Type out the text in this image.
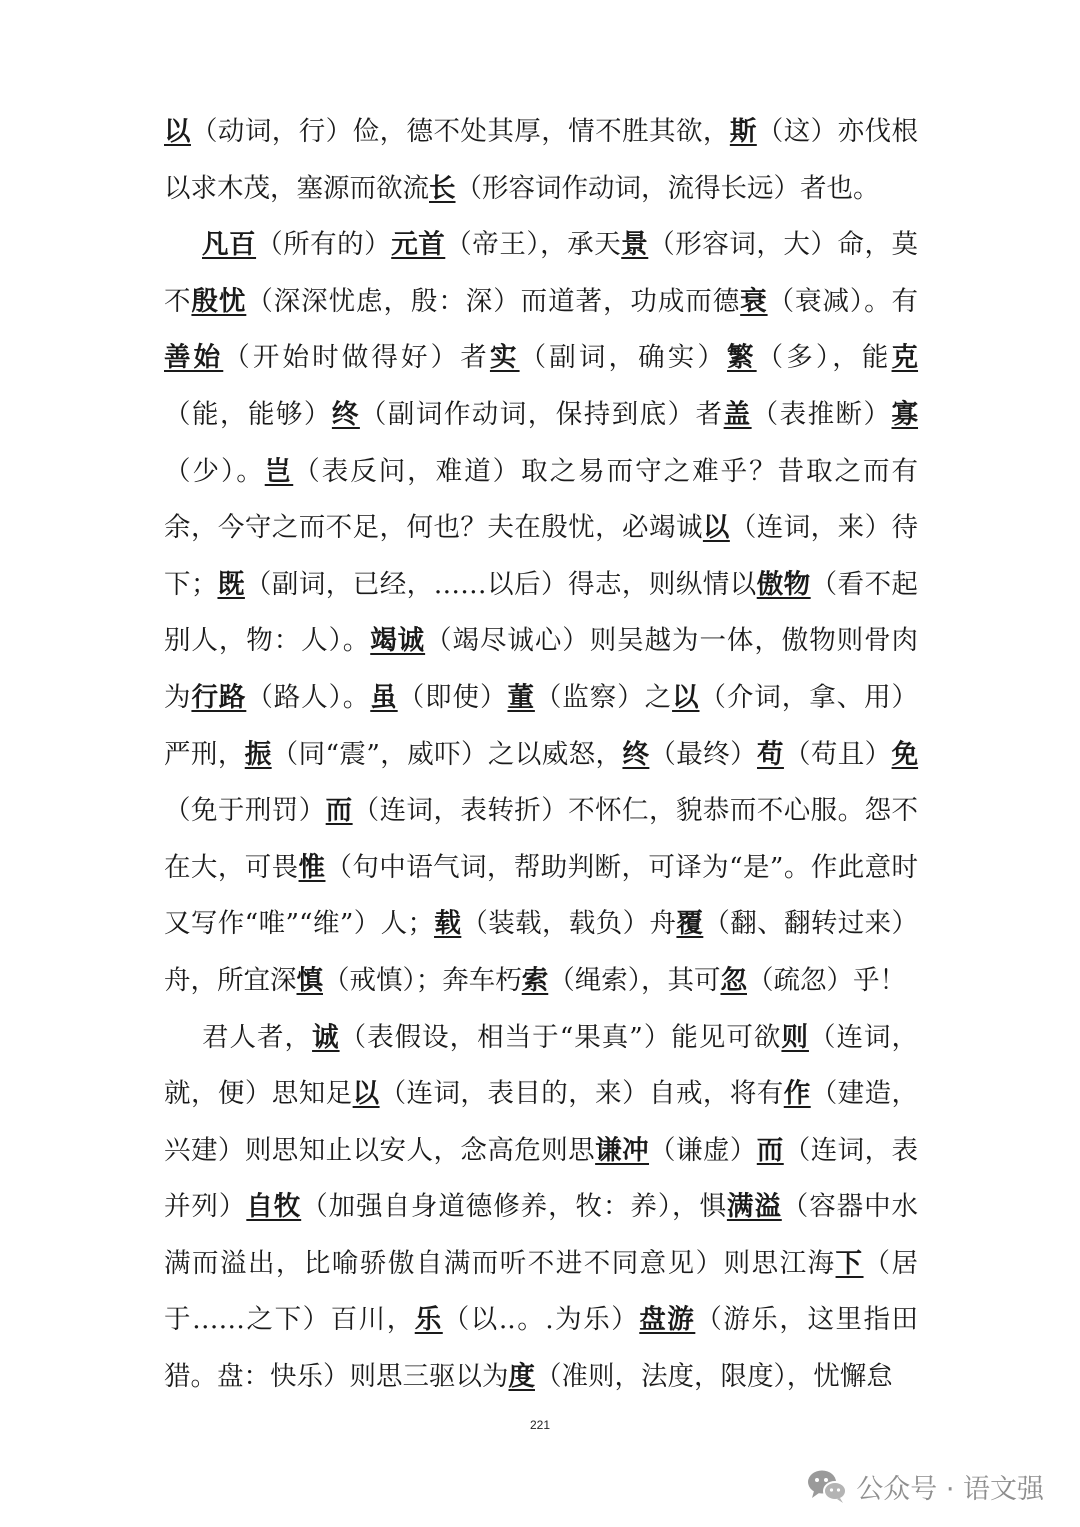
以（动词，行）俭，德不处其厚，情不胜其欲，斯（这）亦伐根以求木茂，塞源而欲流长（形容词作动词，流得长远）者也。

凡百（所有的）元首（帝王），承天景（形容词，大）命，莫不殷忧（深深忧虑，殷：深）而道著，功成而德衰（衰减）。有善始（开始时做得好）者实（副词，确实）繁（多），能克（能，能够）终（副词作动词，保持到底）者盖（表推断）寡（少）。岂（表反问，难道）取之易而守之难乎？昔取之而有余，今守之而不足，何也？夫在殷忧，必竭诚以（连词，来）待下；既（副词，已经，……以后）得志，则纵情以傲物（看不起别人，物：人）。竭诚（竭尽诚心）则吴越为一体，傲物则骨肉为行路（路人）。虽（即使）董（监察）之以（介词，拿、用）严刑，振（同“震”，威吓）之以威怒，终（最终）苟（苟且）免（免于刑罚）而（连词，表转折）不怀仁，貌恭而不心服。怨不在大，可畏惟（句中语气词，帮助判断，可译为“是”。作此意时又写作“唯”“维”）人；载（装载，载负）舟覆（翻、翻转过来）舟，所宜深慎（戒慎）；奔车朽索（绳索），其可忽（疏忽）乎！

君人者，诚（表假设，相当于“果真”）能见可欲则（连词，就，便）思知足以（连词，表目的，来）自戒，将有作（建造，兴建）则思知止以安人，念高危则思谦冲（谦虚）而（连词，表并列）自牧（加强自身道德修养，牧：养），惧满溢（容器中水满而溢出，比喻骄傲自满而听不进不同意见）则思江海下（居于……之下）百川，乐（以..。.为乐）盘游（游乐，这里指田猎。盘：快乐）则思三驱以为度（准则，法度，限度），忧懈怠

221
公众号 · 语文强
